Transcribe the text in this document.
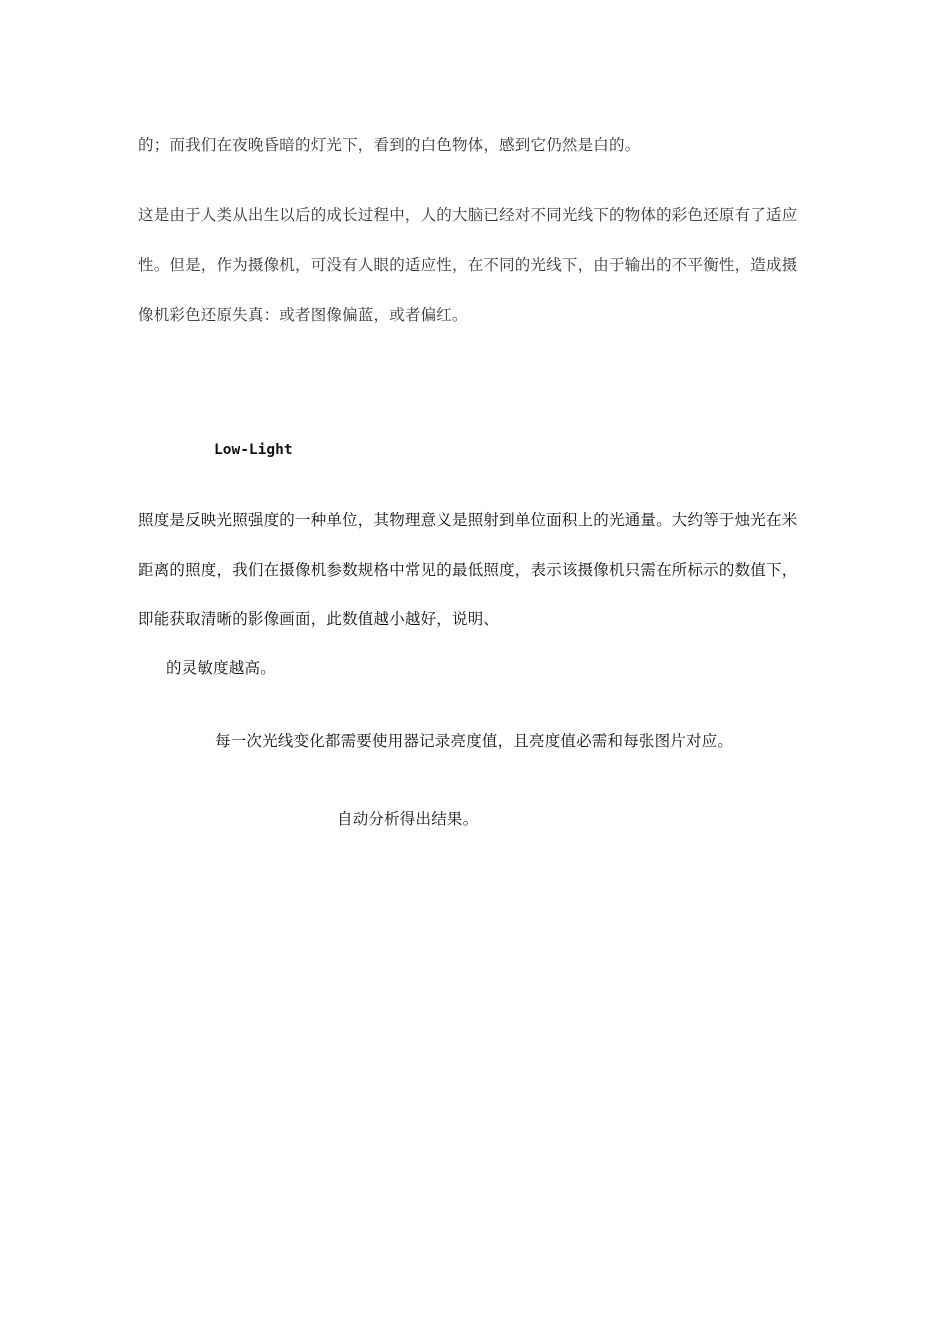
的；而我们在夜晚昏暗的灯光下，看到的白色物体，感到它仍然是白的。
这是由于人类从出生以后的成长过程中，人的大脑已经对不同光线下的物体的彩色还原有了适应
性。但是，作为摄像机，可没有人眼的适应性，在不同的光线下，由于输出的不平衡性，造成摄
像机彩色还原失真：或者图像偏蓝，或者偏红。
Low-Light
照度是反映光照强度的一种单位，其物理意义是照射到单位面积上的光通量。大约等于烛光在米
距离的照度，我们在摄像机参数规格中常见的最低照度，表示该摄像机只需在所标示的数值下，
即能获取清晰的影像画面，此数值越小越好，说明、
的灵敏度越高。
每一次光线变化都需要使用器记录亮度值，且亮度值必需和每张图片对应。
自动分析得出结果。
